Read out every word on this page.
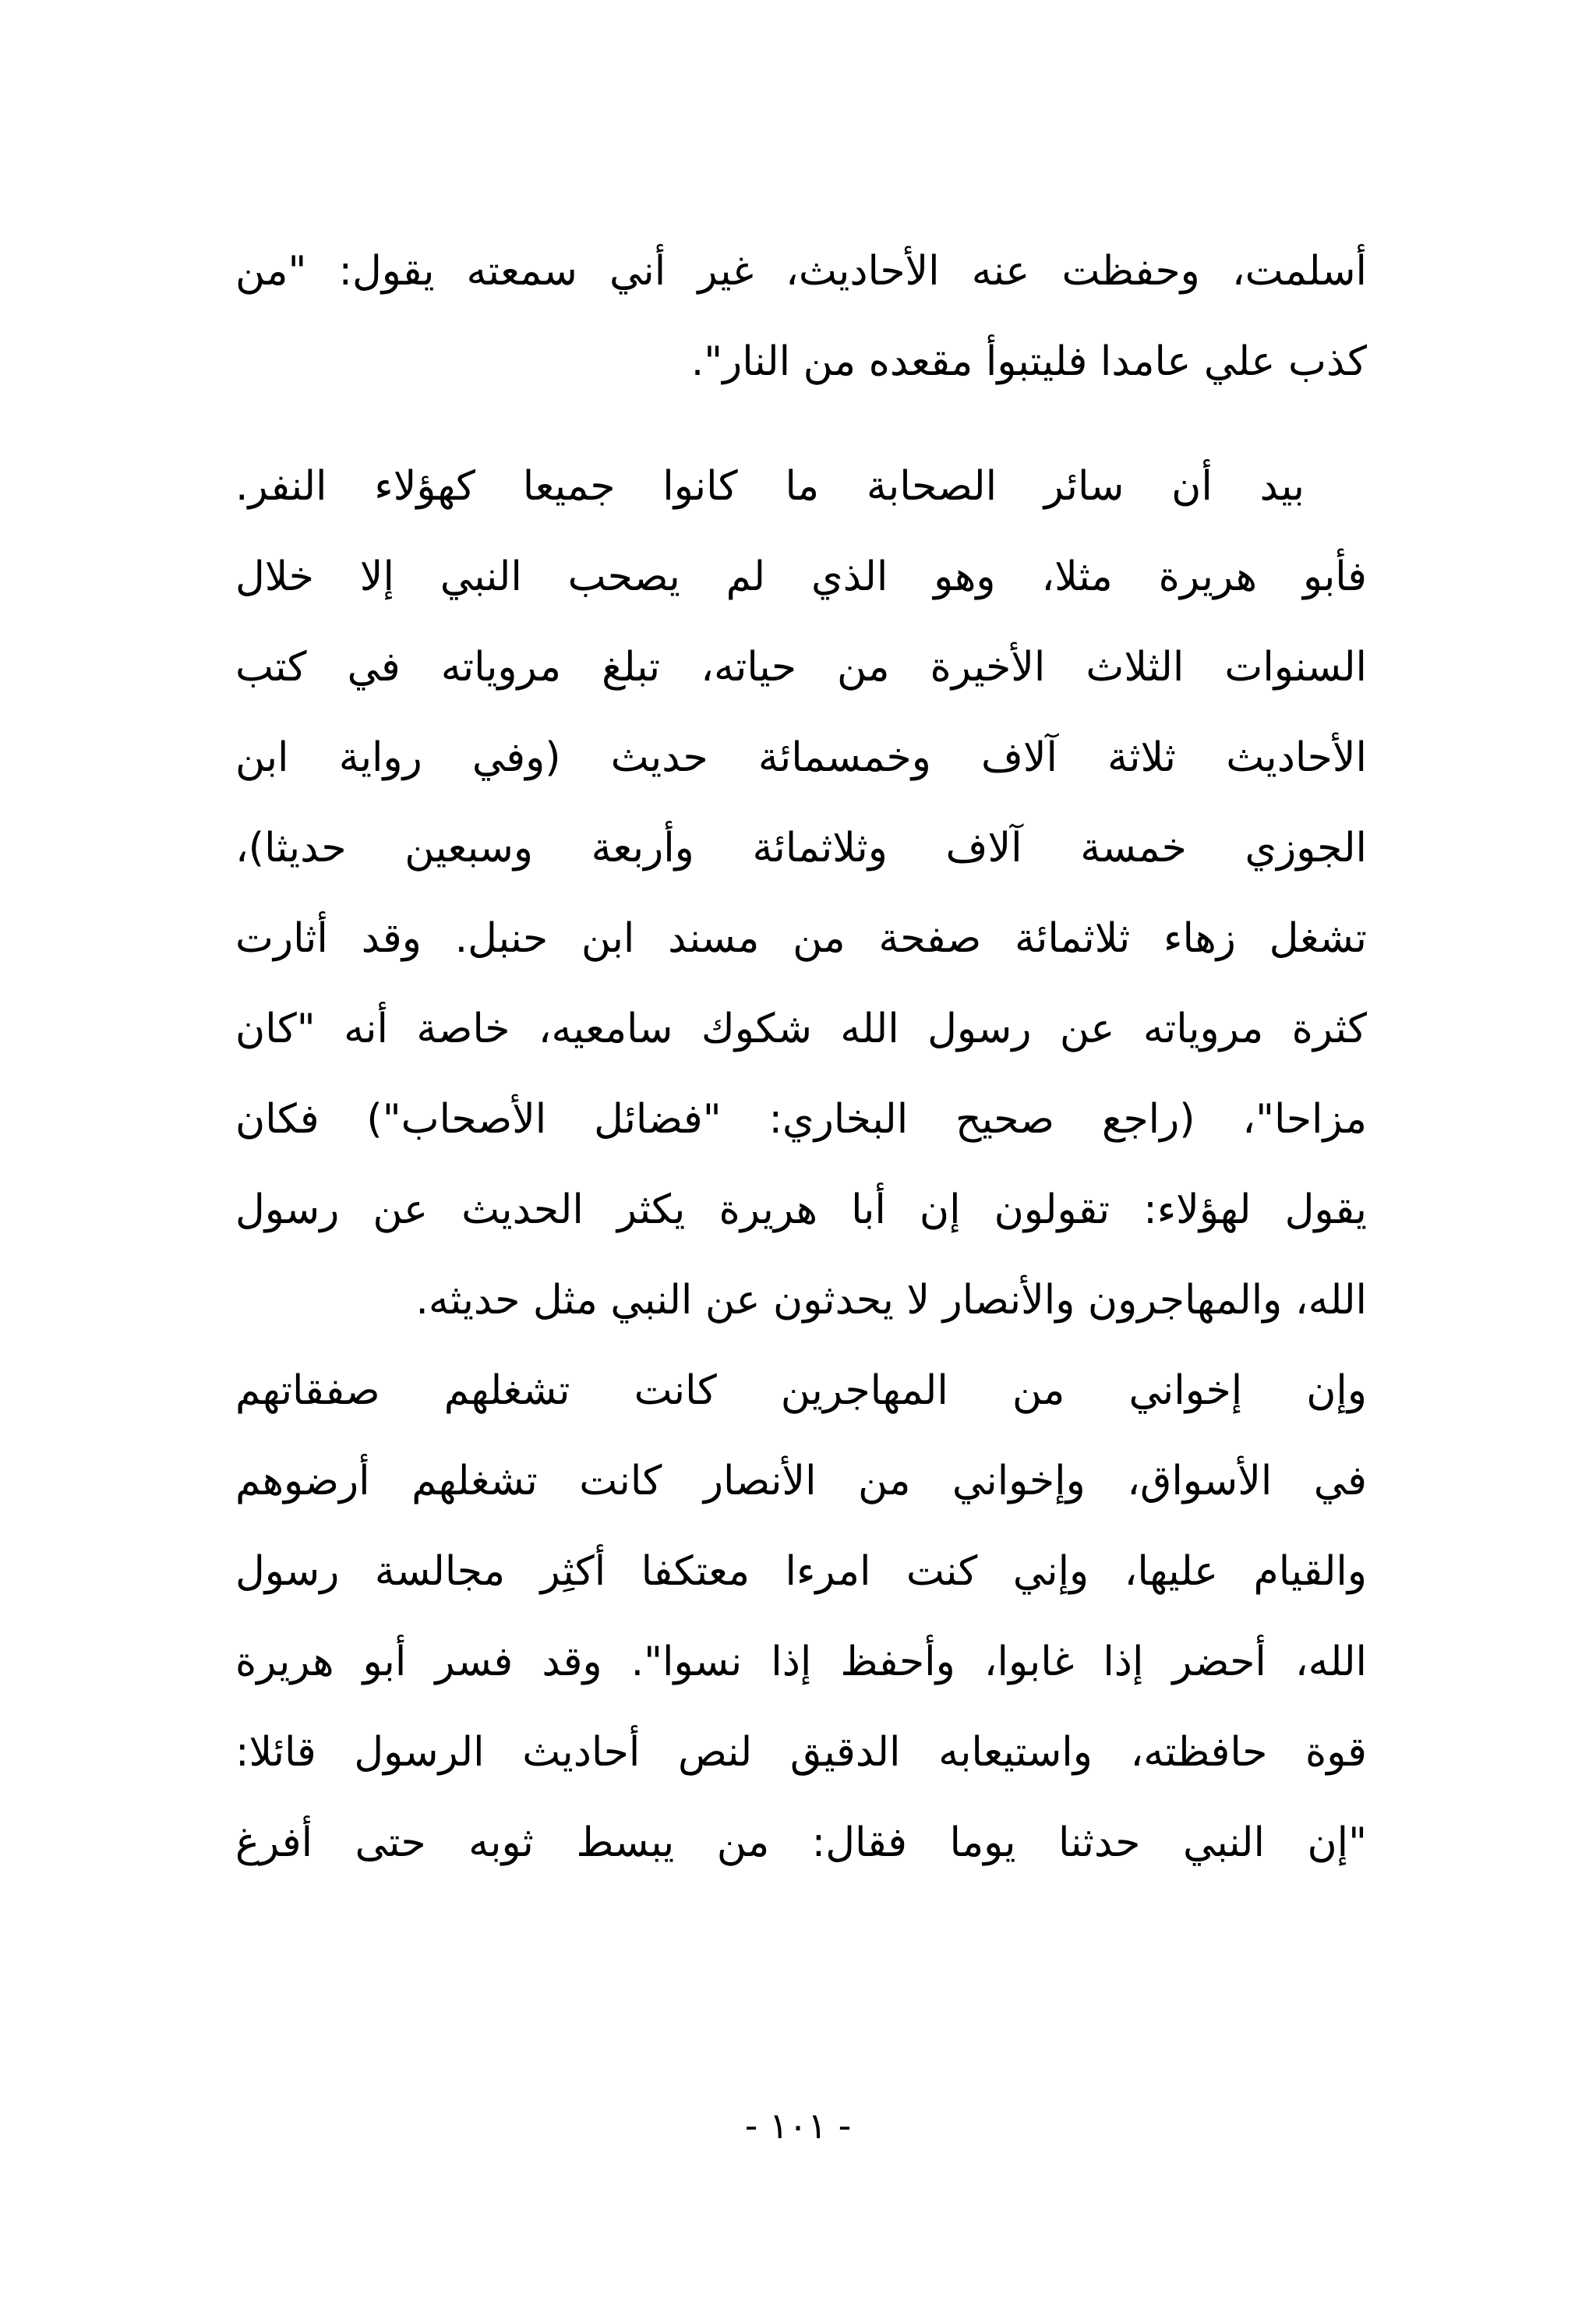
أسلمت، وحفظت عنه الأحاديث، غير أني سمعته يقول: "من
كذب علي عامدا فليتبوأ مقعده من النار".
بيد أن سائر الصحابة ما كانوا جميعا كهؤلاء النفر.
فأبو هريرة مثلا، وهو الذي لم يصحب النبي إلا خلال
السنوات الثلاث الأخيرة من حياته، تبلغ مروياته في كتب
الأحاديث ثلاثة آلاف وخمسمائة حديث (وفي رواية ابن
الجوزي خمسة آلاف وثلاثمائة وأربعة وسبعين حديثا)،
تشغل زهاء ثلاثمائة صفحة من مسند ابن حنبل. وقد أثارت
كثرة مروياته عن رسول الله شكوك سامعيه، خاصة أنه "كان
مزاحا"، (راجع صحيح البخاري: "فضائل الأصحاب") فكان
يقول لهؤلاء: تقولون إن أبا هريرة يكثر الحديث عن رسول
الله، والمهاجرون والأنصار لا يحدثون عن النبي مثل حديثه.
وإن إخواني من المهاجرين كانت تشغلهم صفقاتهم
في الأسواق، وإخواني من الأنصار كانت تشغلهم أرضوهم
والقيام عليها، وإني كنت امرءا معتكفا أكثِر مجالسة رسول
الله، أحضر إذا غابوا، وأحفظ إذا نسوا". وقد فسر أبو هريرة
قوة حافظته، واستيعابه الدقيق لنص أحاديث الرسول قائلا:
"إن النبي حدثنا يوما فقال: من يبسط ثوبه حتى أفرغ
- ١٠١ -
